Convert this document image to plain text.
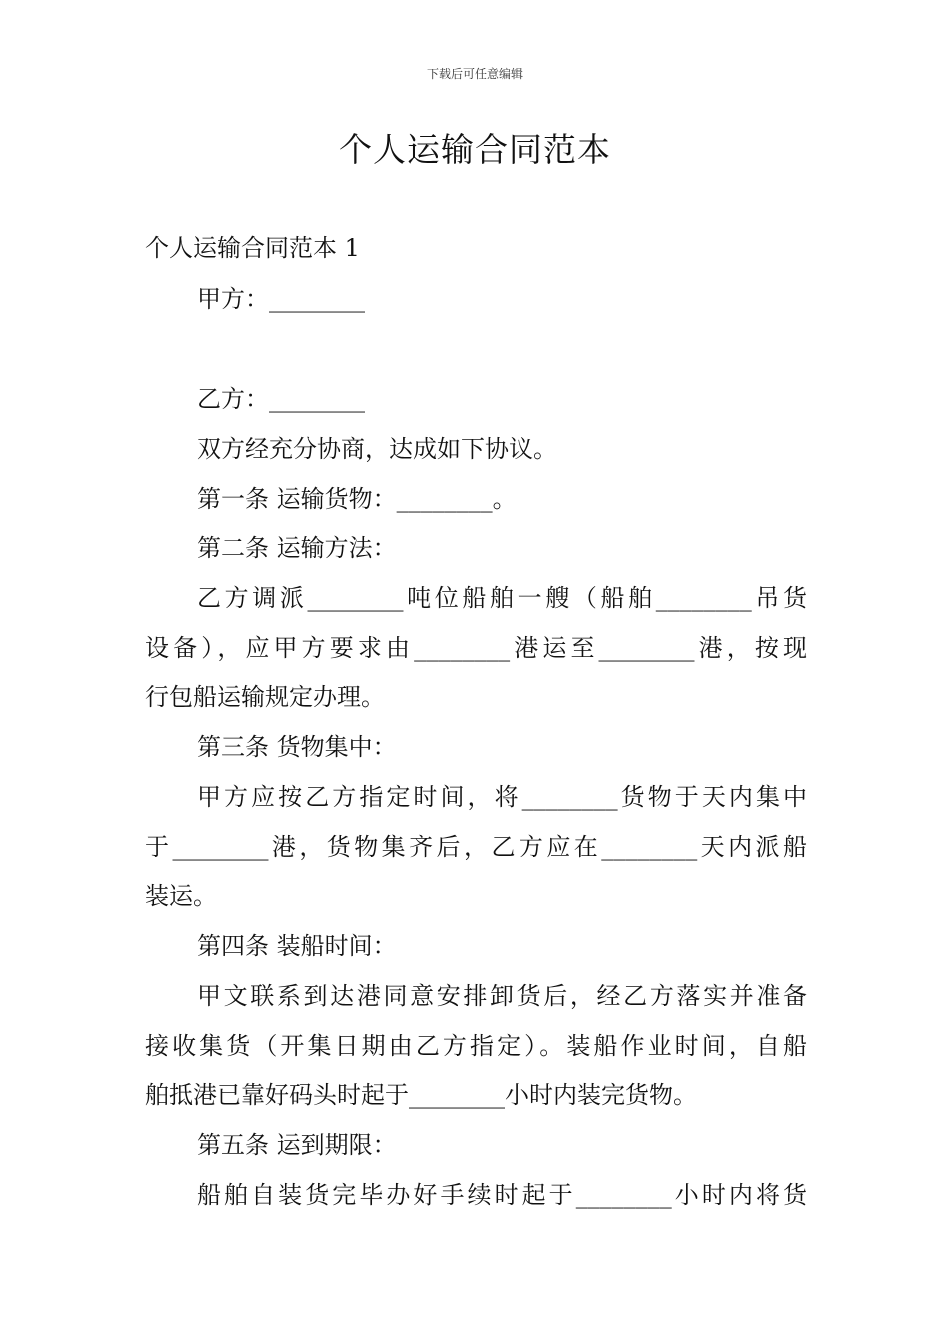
下载后可任意编辑
个人运输合同范本
个人运输合同范本 1
甲方：________
乙方：________
双方经充分协商，达成如下协议。
第一条 运输货物：________。
第二条 运输方法：
乙方调派________吨位船舶一艘（船舶________吊货
设备），应甲方要求由________港运至________港，按现
行包船运输规定办理。
第三条 货物集中：
甲方应按乙方指定时间，将________货物于天内集中
于________港，货物集齐后，乙方应在________天内派船
装运。
第四条 装船时间：
甲文联系到达港同意安排卸货后，经乙方落实并准备
接收集货（开集日期由乙方指定）。装船作业时间，自船
舶抵港已靠好码头时起于________小时内装完货物。
第五条 运到期限：
船舶自装货完毕办好手续时起于________小时内将货
